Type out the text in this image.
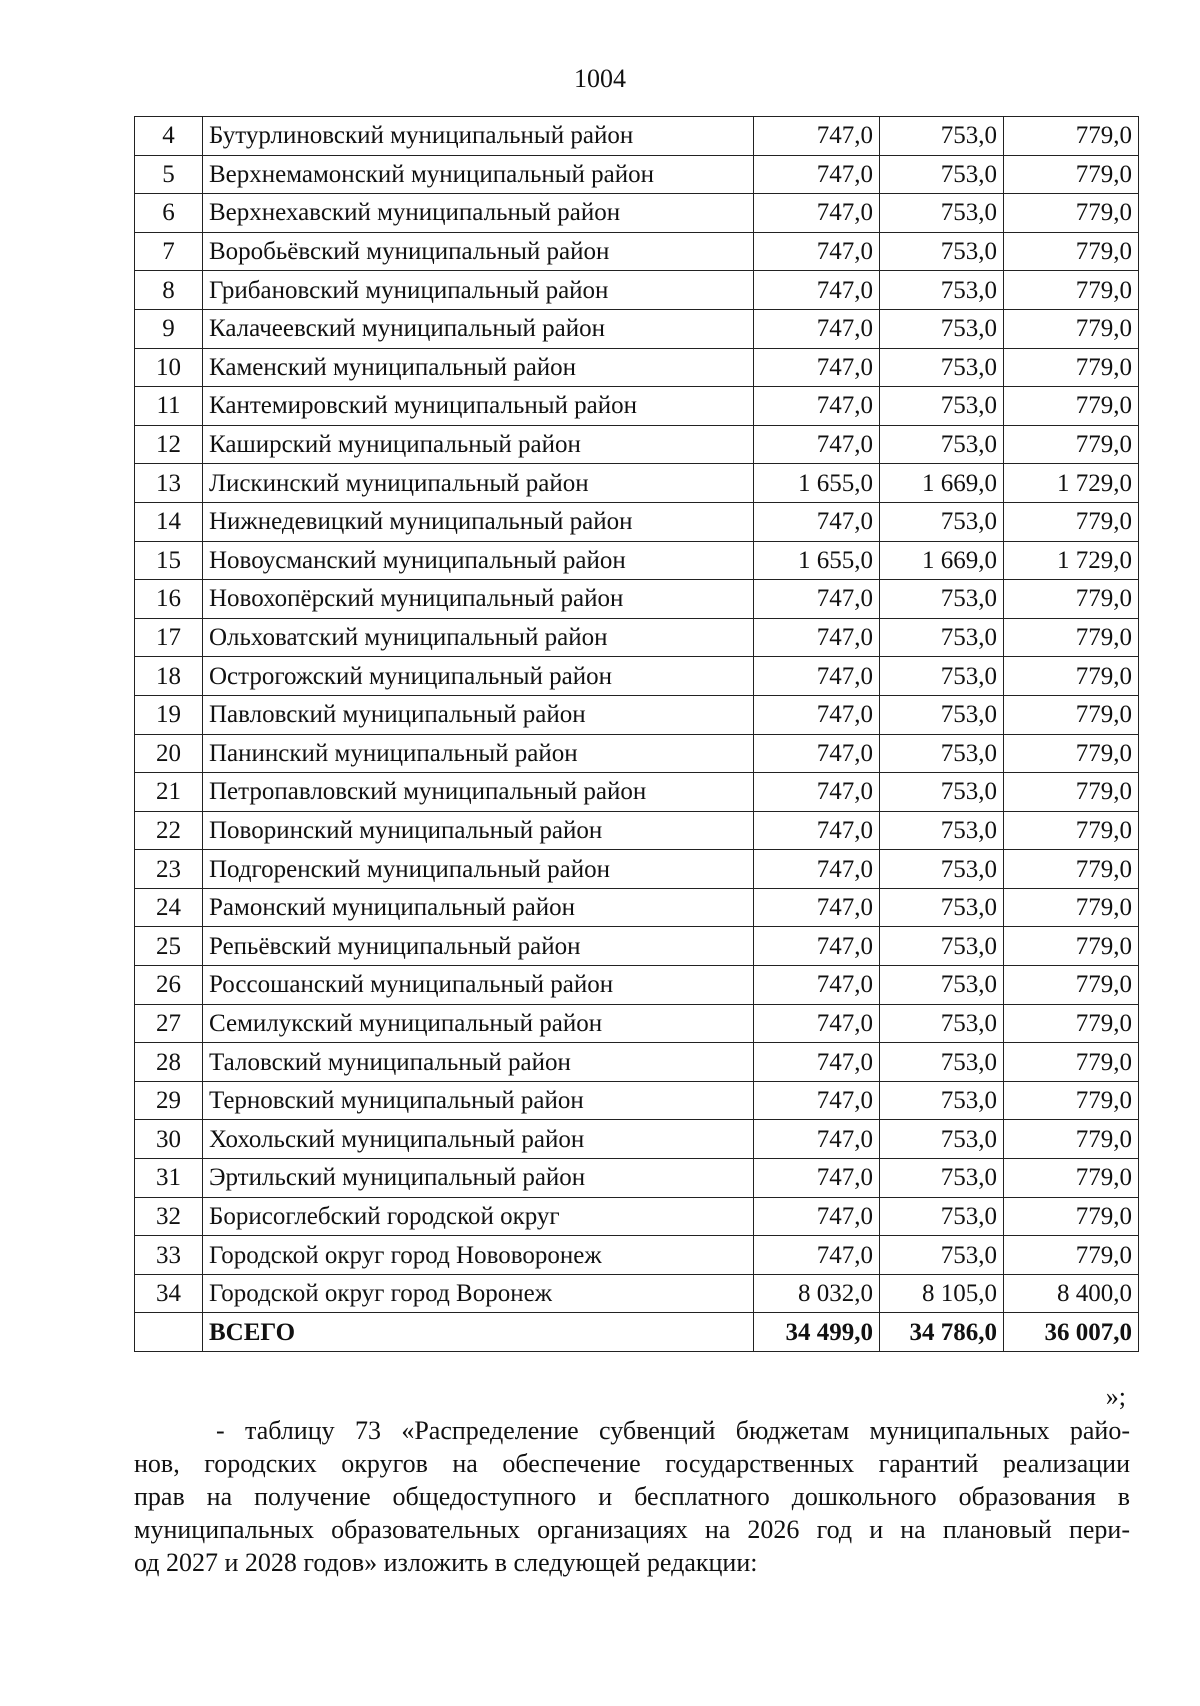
1004
4	Бутурлиновский муниципальный район	747,0	753,0	779,0
5	Верхнемамонский муниципальный район	747,0	753,0	779,0
6	Верхнехавский муниципальный район	747,0	753,0	779,0
7	Воробьёвский муниципальный район	747,0	753,0	779,0
8	Грибановский муниципальный район	747,0	753,0	779,0
9	Калачеевский муниципальный район	747,0	753,0	779,0
10	Каменский муниципальный район	747,0	753,0	779,0
11	Кантемировский муниципальный район	747,0	753,0	779,0
12	Каширский муниципальный район	747,0	753,0	779,0
13	Лискинский муниципальный район	1 655,0	1 669,0	1 729,0
14	Нижнедевицкий муниципальный район	747,0	753,0	779,0
15	Новоусманский муниципальный район	1 655,0	1 669,0	1 729,0
16	Новохопёрский муниципальный район	747,0	753,0	779,0
17	Ольховатский муниципальный район	747,0	753,0	779,0
18	Острогожский муниципальный район	747,0	753,0	779,0
19	Павловский муниципальный район	747,0	753,0	779,0
20	Панинский муниципальный район	747,0	753,0	779,0
21	Петропавловский муниципальный район	747,0	753,0	779,0
22	Поворинский муниципальный район	747,0	753,0	779,0
23	Подгоренский муниципальный район	747,0	753,0	779,0
24	Рамонский муниципальный район	747,0	753,0	779,0
25	Репьёвский муниципальный район	747,0	753,0	779,0
26	Россошанский муниципальный район	747,0	753,0	779,0
27	Семилукский муниципальный район	747,0	753,0	779,0
28	Таловский муниципальный район	747,0	753,0	779,0
29	Терновский муниципальный район	747,0	753,0	779,0
30	Хохольский муниципальный район	747,0	753,0	779,0
31	Эртильский муниципальный район	747,0	753,0	779,0
32	Борисоглебский городской округ	747,0	753,0	779,0
33	Городской округ город Нововоронеж	747,0	753,0	779,0
34	Городской округ город Воронеж	8 032,0	8 105,0	8 400,0
	ВСЕГО	34 499,0	34 786,0	36 007,0
»;
- таблицу 73 «Распределение субвенций бюджетам муниципальных райо-
нов, городских округов на обеспечение государственных гарантий реализации
прав на получение общедоступного и бесплатного дошкольного образования в
муниципальных образовательных организациях на 2026 год и на плановый пери-
од 2027 и 2028 годов» изложить в следующей редакции:
